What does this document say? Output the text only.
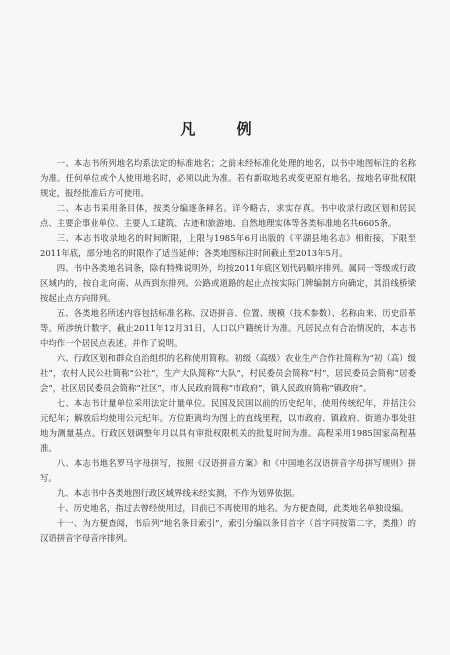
凡 例

一、本志书所列地名均系法定的标准地名；之前未经标准化处理的地名，以书中地图标注的名称为准。任何单位或个人使用地名时，必须以此为准。若有新取地名或变更原有地名，按地名审批权限规定，报经批准后方可使用。

二、本志书采用条目体，按类分编逐条释名。详今略古，求实存真。书中收录行政区划和居民点、主要企事业单位、主要人工建筑、古迹和旅游地、自然地理实体等各类标准地名共6605条。

三、本志书收录地名的时间断限，上限与1985年6月出版的《平湖县地名志》相衔接，下限至2011年底，部分地名的时限作了适当延伸；各类地图标注时间截止至2013年5月。

四、书中各类地名词条，除有特殊说明外，均按2011年底区划代码顺序排列。属同一等级或行政区域内的，按自北向南、从西到东排列。公路或道路的起止点按实际门牌编制方向确定，其沿线桥梁按起止点方向排列。

五、各类地名所述内容包括标准名称、汉语拼音、位置、规模（技术参数）、名称由来、历史沿革等。所涉统计数字，截止2011年12月31日，人口以户籍统计为准。凡居民点有合治情况的，本志书中均作一个居民点表述，并作了说明。

六、行政区划和群众自治组织的名称使用简称。初级（高级）农业生产合作社简称为“初（高）级社”，农村人民公社简称“公社”，生产大队简称“大队”，村民委员会简称“村”，居民委员会简称“居委会”，社区居民委员会简称“社区”，市人民政府简称“市政府”，镇人民政府简称“镇政府”。

七、本志书计量单位采用法定计量单位。民国及民国以前的历史纪年，使用传统纪年，并括注公元纪年；解放后均使用公元纪年。方位距离均为图上的直线里程，以市政府、镇政府、街道办事处驻地为测量基点。行政区划调整年月以具有审批权限机关的批复时间为准。高程采用1985国家高程基准。

八、本志书地名罗马字母拼写，按照《汉语拼音方案》和《中国地名汉语拼音字母拼写规则》拼写。

九、本志书中各类地图行政区域界线未经实测，不作为划界依据。

十、历史地名，指过去曾经使用过，目前已不再使用的地名。为方便查阅，此类地名单独设编。

十一、为方便查阅，书后列“地名条目索引”，索引分编以条目首字（首字同按第二字，类推）的汉语拼音字母音序排列。
